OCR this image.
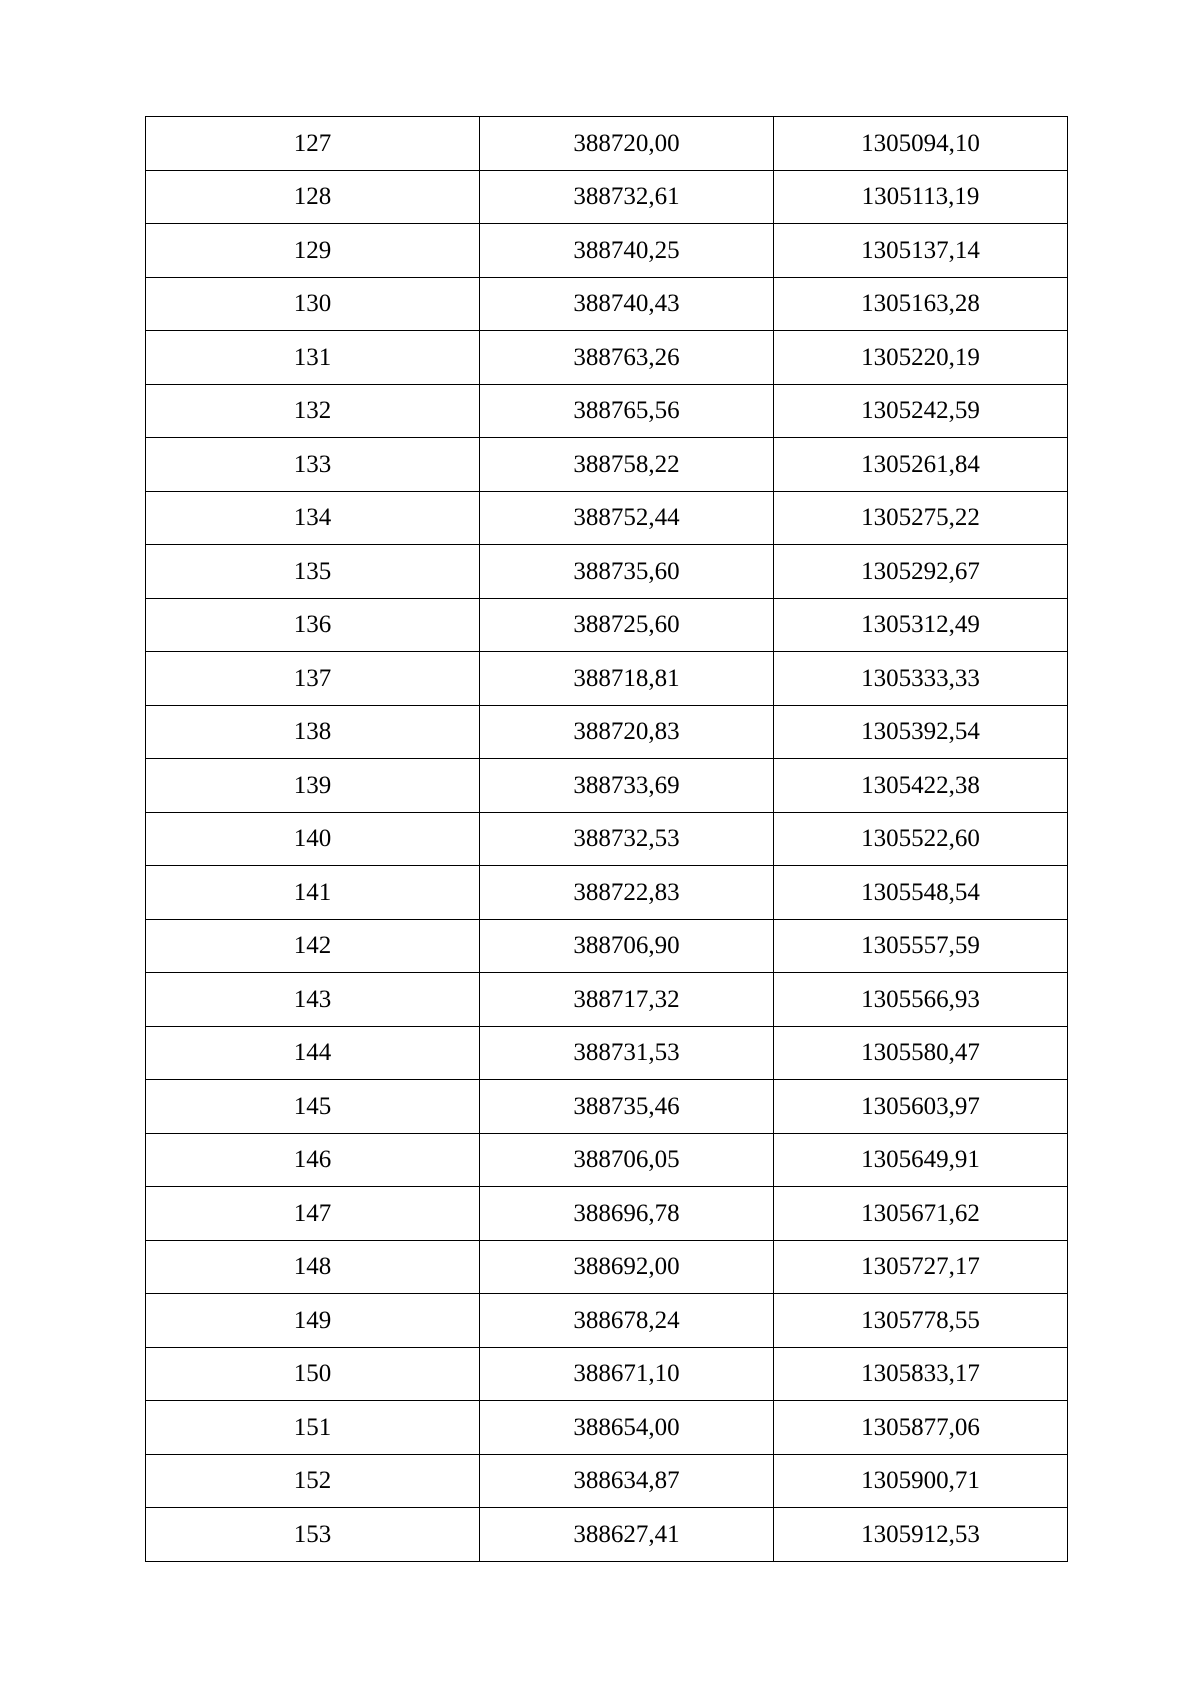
127	388720,00	1305094,10
128	388732,61	1305113,19
129	388740,25	1305137,14
130	388740,43	1305163,28
131	388763,26	1305220,19
132	388765,56	1305242,59
133	388758,22	1305261,84
134	388752,44	1305275,22
135	388735,60	1305292,67
136	388725,60	1305312,49
137	388718,81	1305333,33
138	388720,83	1305392,54
139	388733,69	1305422,38
140	388732,53	1305522,60
141	388722,83	1305548,54
142	388706,90	1305557,59
143	388717,32	1305566,93
144	388731,53	1305580,47
145	388735,46	1305603,97
146	388706,05	1305649,91
147	388696,78	1305671,62
148	388692,00	1305727,17
149	388678,24	1305778,55
150	388671,10	1305833,17
151	388654,00	1305877,06
152	388634,87	1305900,71
153	388627,41	1305912,53
